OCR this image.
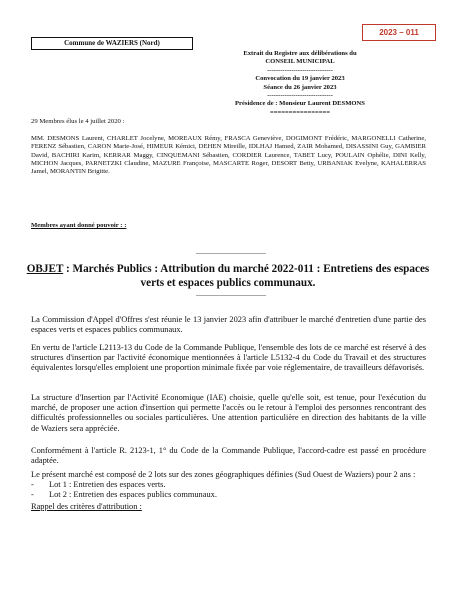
2023 – 011
Commune de WAZIERS (Nord)
Extrait du Registre aux délibérations du
CONSEIL MUNICIPAL
------------------------------
Convocation du 19 janvier 2023
Séance du 26 janvier 2023
------------------------------
Présidence de : Monsieur Laurent DESMONS
================
29 Membres élus le 4 juillet 2020 :
MM. DESMONS Laurent, CHARLET Jocelyne, MOREAUX Rémy, FRASCA Geneviève, DOGIMONT Frédéric, MARGONELLI Catherine, FERENZ Sébastien, CARON Marie-José, HIMEUR Kémici, DEHEN Mireille, IDLHAJ Hamed, ZAIR Mohamed, DISASSINI Guy, GAMBIER David, BACHIRI Karim, KERRAR Maggy, CINQUEMANI Sébastien, CORDIER Laurence, TABET Lucy, POULAIN Ophélie, DINI Kelly, MICHON Jacques, PARNETZKI Claudine, MAZURE Françoise, MASCARTE Roger, DESORT Betty, URBANIAK Evelyne, KAHALERRAS Jamel, MORANTIN Brigitte.
Membres ayant donné pouvoir : :
-----------------------------------
OBJET : Marchés Publics : Attribution du marché 2022-011 : Entretiens des espaces verts et espaces publics communaux.
-----------------------------------
La Commission d'Appel d'Offres s'est réunie le 13 janvier 2023 afin d'attribuer le marché d'entretien d'une partie des espaces verts et espaces publics communaux.
En vertu de l'article L2113-13 du Code de la Commande Publique, l'ensemble des lots de ce marché est réservé à des structures d'insertion par l'activité économique mentionnées à l'article L5132-4 du Code du Travail et des structures équivalentes lorsqu'elles emploient une proportion minimale fixée par voie réglementaire, de travailleurs défavorisés.
La structure d'Insertion par l'Activité Economique (IAE) choisie, quelle qu'elle soit, est tenue, pour l'exécution du marché, de proposer une action d'insertion qui permette l'accès ou le retour à l'emploi des personnes rencontrant des difficultés professionnelles ou sociales particulières. Une attention particulière en direction des habitants de la ville de Waziers sera appréciée.
Conformément à l'article R. 2123-1, 1° du Code de la Commande Publique, l'accord-cadre est passé en procédure adaptée.
Le présent marché est composé de 2 lots sur des zones géographiques définies (Sud Ouest de Waziers) pour 2 ans :
- Lot 1 : Entretien des espaces verts.
- Lot 2 : Entretien des espaces publics communaux.
Rappel des critères d'attribution :
